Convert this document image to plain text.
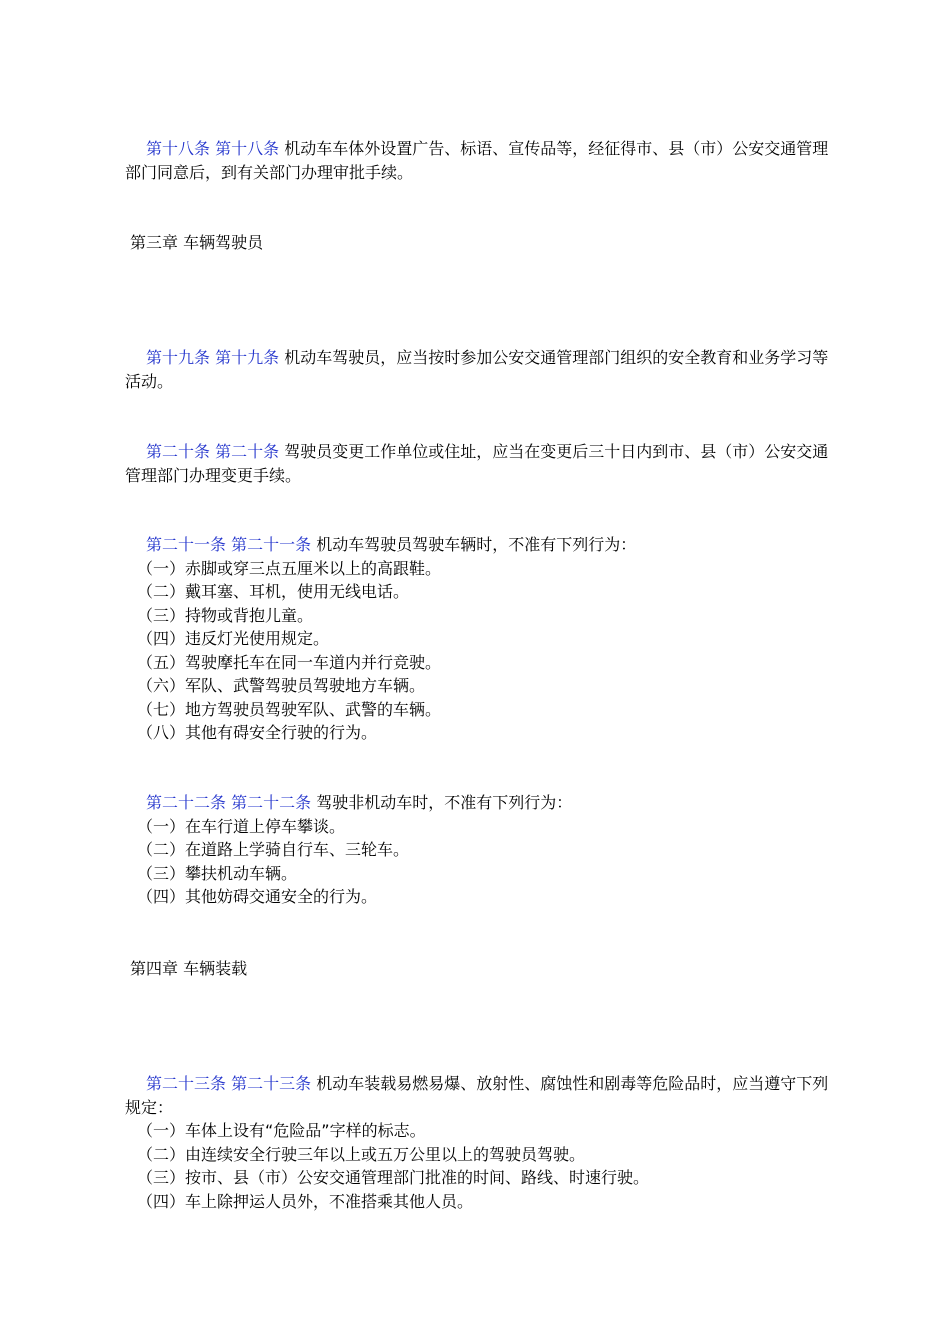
第十八条 第十八条 机动车车体外设置广告、标语、宣传品等，经征得市、县（市）公安交通管理部门同意后，到有关部门办理审批手续。

第三章 车辆驾驶员

第十九条 第十九条 机动车驾驶员，应当按时参加公安交通管理部门组织的安全教育和业务学习等活动。

第二十条 第二十条 驾驶员变更工作单位或住址，应当在变更后三十日内到市、县（市）公安交通管理部门办理变更手续。

第二十一条 第二十一条 机动车驾驶员驾驶车辆时，不准有下列行为：

（一）赤脚或穿三点五厘米以上的高跟鞋。

（二）戴耳塞、耳机，使用无线电话。

（三）持物或背抱儿童。

（四）违反灯光使用规定。

（五）驾驶摩托车在同一车道内并行竞驶。

（六）军队、武警驾驶员驾驶地方车辆。

（七）地方驾驶员驾驶军队、武警的车辆。

（八）其他有碍安全行驶的行为。

第二十二条 第二十二条 驾驶非机动车时，不准有下列行为：

（一）在车行道上停车攀谈。

（二）在道路上学骑自行车、三轮车。

（三）攀扶机动车辆。

（四）其他妨碍交通安全的行为。

第四章 车辆装载

第二十三条 第二十三条 机动车装载易燃易爆、放射性、腐蚀性和剧毒等危险品时，应当遵守下列规定：

（一）车体上设有“危险品”字样的标志。

（二）由连续安全行驶三年以上或五万公里以上的驾驶员驾驶。

（三）按市、县（市）公安交通管理部门批准的时间、路线、时速行驶。

（四）车上除押运人员外，不准搭乘其他人员。
